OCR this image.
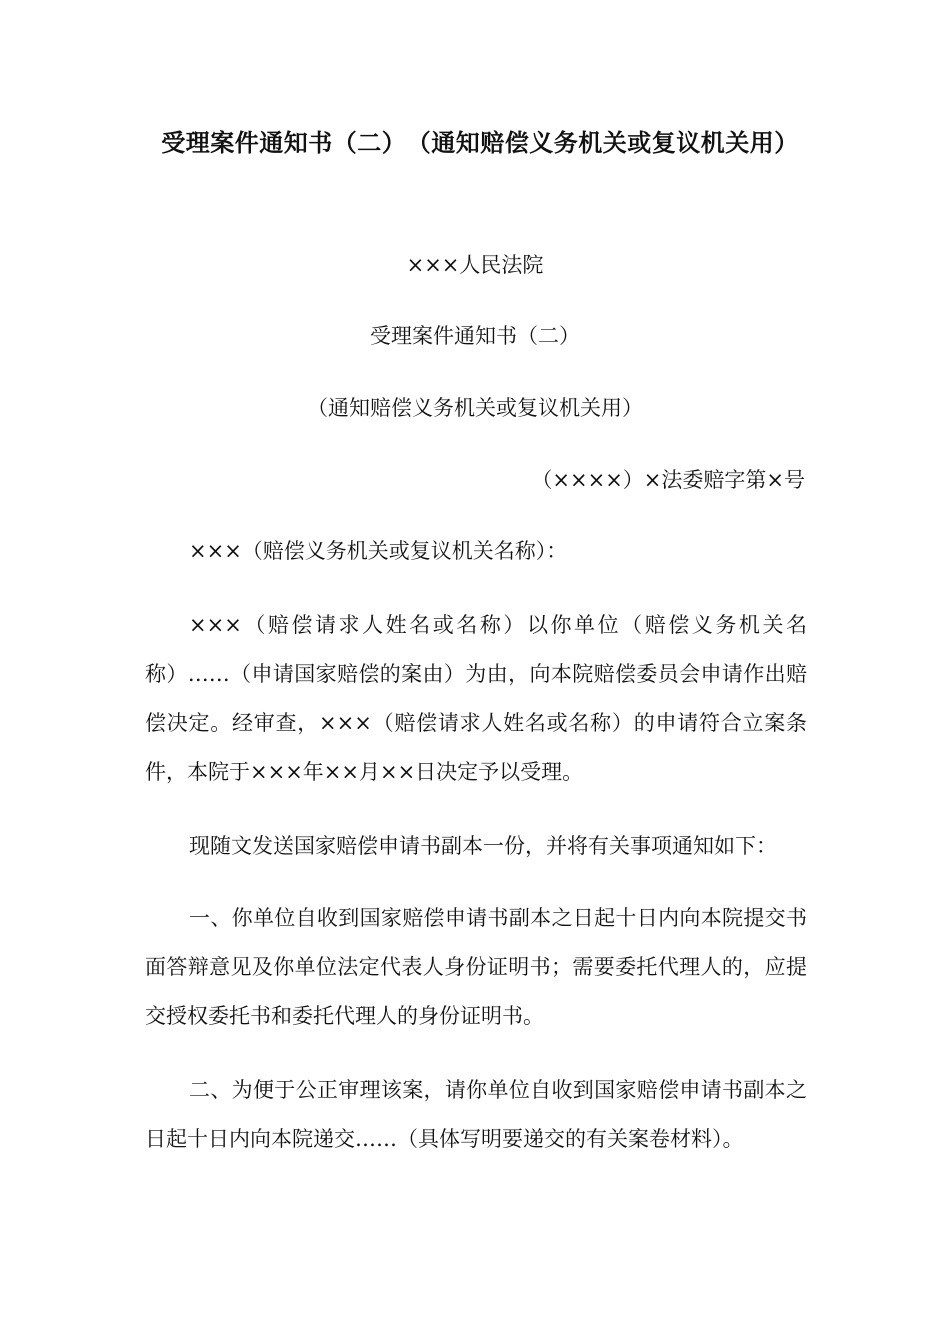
受理案件通知书（二）　（通知赔偿义务机关或复议机关用）
×××人民法院
受理案件通知书（二）
（通知赔偿义务机关或复议机关用）
（××××）×法委赔字第×号

×××（赔偿义务机关或复议机关名称）：

×××（赔偿请求人姓名或名称）以你单位（赔偿义务机关名称）……（申请国家赔偿的案由）为由，向本院赔偿委员会申请作出赔偿决定。经审查，×××（赔偿请求人姓名或名称）的申请符合立案条件，本院于×××年××月××日决定予以受理。

现随文发送国家赔偿申请书副本一份，并将有关事项通知如下：

一、你单位自收到国家赔偿申请书副本之日起十日内向本院提交书面答辩意见及你单位法定代表人身份证明书；需要委托代理人的，应提交授权委托书和委托代理人的身份证明书。

二、为便于公正审理该案，请你单位自收到国家赔偿申请书副本之日起十日内向本院递交……（具体写明要递交的有关案卷材料）。
